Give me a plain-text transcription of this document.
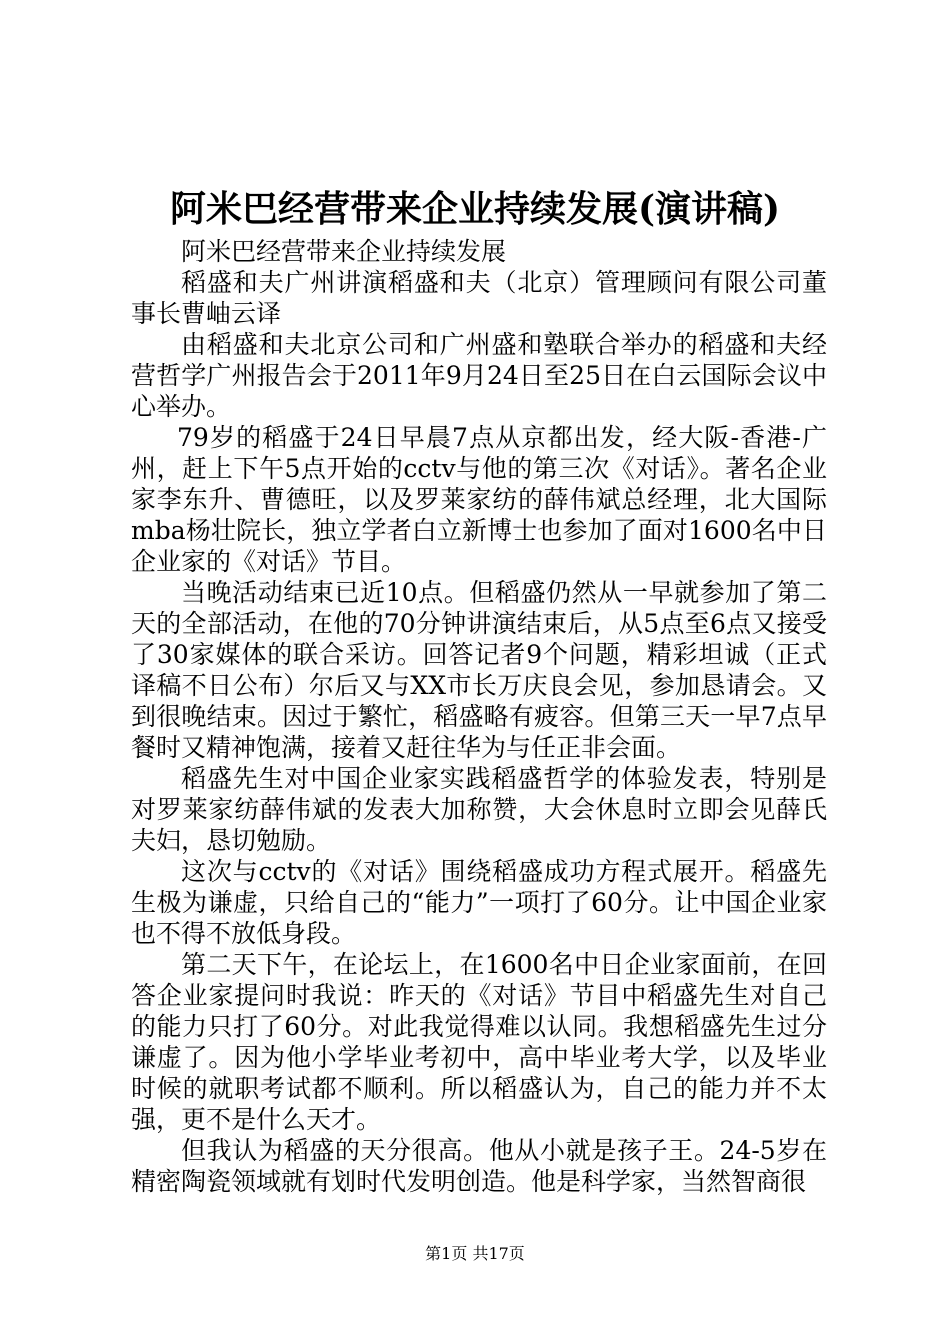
阿米巴经营带来企业持续发展(演讲稿)

阿米巴经营带来企业持续发展

稻盛和夫广州讲演稻盛和夫（北京）管理顾问有限公司董事长曹岫云译

由稻盛和夫北京公司和广州盛和塾联合举办的稻盛和夫经营哲学广州报告会于2011年9月24日至25日在白云国际会议中心举办。

79岁的稻盛于24日早晨7点从京都出发，经大阪-香港-广州，赶上下午5点开始的cctv与他的第三次《对话》。著名企业家李东升、曹德旺，以及罗莱家纺的薛伟斌总经理，北大国际mba杨壮院长，独立学者白立新博士也参加了面对1600名中日企业家的《对话》节目。

当晚活动结束已近10点。但稻盛仍然从一早就参加了第二天的全部活动，在他的70分钟讲演结束后，从5点至6点又接受了30家媒体的联合采访。回答记者9个问题，精彩坦诚（正式译稿不日公布）尔后又与XX市长万庆良会见，参加恳请会。又到很晚结束。因过于繁忙，稻盛略有疲容。但第三天一早7点早餐时又精神饱满，接着又赶往华为与任正非会面。

稻盛先生对中国企业家实践稻盛哲学的体验发表，特别是对罗莱家纺薛伟斌的发表大加称赞，大会休息时立即会见薛氏夫妇，恳切勉励。

这次与cctv的《对话》围绕稻盛成功方程式展开。稻盛先生极为谦虚，只给自己的“能力”一项打了60分。让中国企业家也不得不放低身段。

第二天下午，在论坛上，在1600名中日企业家面前，在回答企业家提问时我说：昨天的《对话》节目中稻盛先生对自己的能力只打了60分。对此我觉得难以认同。我想稻盛先生过分谦虚了。因为他小学毕业考初中，高中毕业考大学，以及毕业时候的就职考试都不顺利。所以稻盛认为，自己的能力并不太强，更不是什么天才。

但我认为稻盛的天分很高。他从小就是孩子王。24-5岁在精密陶瓷领域就有划时代发明创造。他是科学家，当然智商很

第1页 共17页
